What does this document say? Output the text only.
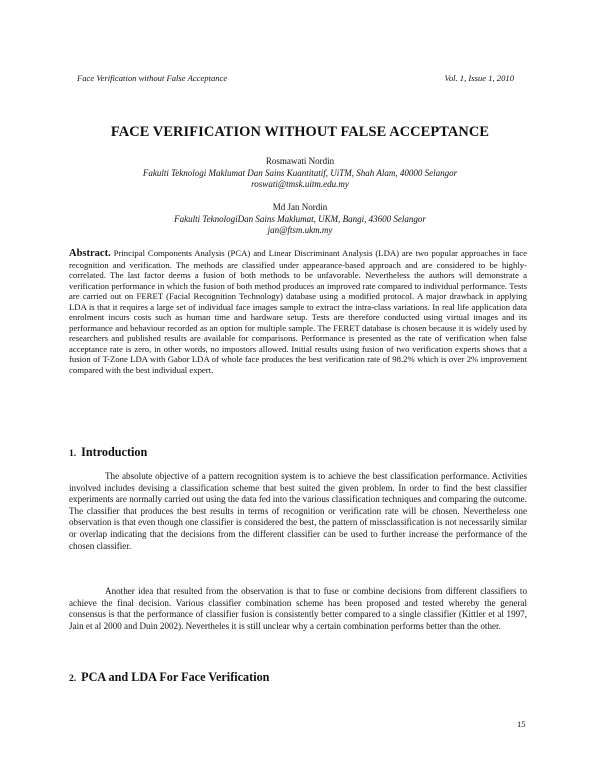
Face Verification without False Acceptance	Vol. 1, Issue 1, 2010
FACE VERIFICATION WITHOUT FALSE ACCEPTANCE
Rosmawati Nordin
Fakulti Teknologi Maklumat Dan Sains Kuantitatif, UiTM, Shah Alam, 40000 Selangor
roswati@tmsk.uitm.edu.my
Md Jan Nordin
Fakulti TeknologiDan Sains Maklumat, UKM, Bangi, 43600 Selangor
jan@ftsm.ukm.my
Abstract. Principal Components Analysis (PCA) and Linear Discriminant Analysis (LDA) are two popular approaches in face recognition and verification. The methods are classified under appearance-based approach and are considered to be highly-correlated. The last factor deems a fusion of both methods to be unfavorable. Nevertheless the authors will demonstrate a verification performance in which the fusion of both method produces an improved rate compared to individual performance. Tests are carried out on FERET (Facial Recognition Technology) database using a modified protocol. A major drawback in applying LDA is that it requires a large set of individual face images sample to extract the intra-class variations. In real life application data enrolment incurs costs such as human time and hardware setup. Tests are therefore conducted using virtual images and its performance and behaviour recorded as an option for multiple sample. The FERET database is chosen because it is widely used by researchers and published results are available for comparisons. Performance is presented as the rate of verification when false acceptance rate is zero, in other words, no impostors allowed. Initial results using fusion of two verification experts shows that a fusion of T-Zone LDA with Gabor LDA of whole face produces the best verification rate of 98.2% which is over 2% improvement compared with the best individual expert.
1. Introduction
The absolute objective of a pattern recognition system is to achieve the best classification performance. Activities involved includes devising a classification scheme that best suited the given problem. In order to find the best classifier experiments are normally carried out using the data fed into the various classification techniques and comparing the outcome. The classifier that produces the best results in terms of recognition or verification rate will be chosen. Nevertheless one observation is that even though one classifier is considered the best, the pattern of missclassification is not necessarily similar or overlap indicating that the decisions from the different classifier can be used to further increase the performance of the chosen classifier.
Another idea that resulted from the observation is that to fuse or combine decisions from different classifiers to achieve the final decision. Various classifier combination scheme has been proposed and tested whereby the general consensus is that the performance of classifier fusion is consistently better compared to a single classifier (Kittler et al 1997, Jain et al 2000 and Duin 2002). Nevertheles it is still unclear why a certain combination performs better than the other.
2. PCA and LDA For Face Verification
15
